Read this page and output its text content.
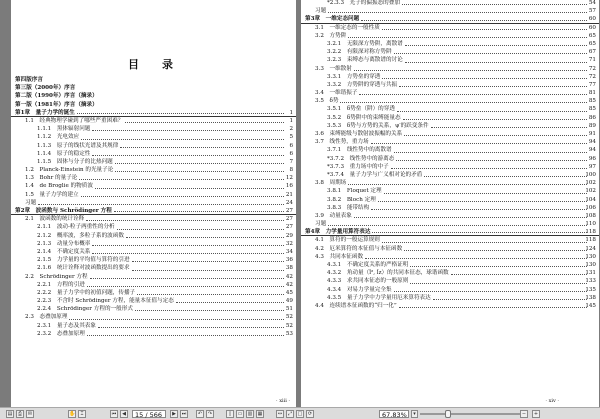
目　录
第四版序言
第三版（2000年）序言
第二版（1990年）序言（摘录）
第一版（1981年）序言（摘录）
第1章　量子力学的诞生	1
1.1　经典物理学碰到了哪些严重困难？	1
1.1.1　黑体辐射问题	2
1.1.2　光电效应	5
1.1.3　原子的线状光谱及其规律	6
1.1.4　原子的稳定性	6
1.1.5　固体与分子的比热问题	7
1.2　Planck-Einstein 的光量子论	8
1.3　Bohr 的量子论	12
1.4　de Broglie 的物质波	16
1.5　量子力学的建立	21
习题	24
第2章　波函数与 Schrödinger 方程	27
2.1　波函数的统计诠释	27
2.1.1　波动-粒子两重性的分析	27
2.1.2　概率波，多粒子系的波函数	29
2.1.3　动量分布概率	32
2.1.4　不确定度关系	34
2.1.5　力学量的平均值与算符的引进	36
2.1.6　统计诠释对波函数提出的要求	38
2.2　Schrödinger 方程	42
2.2.1　方程的引进	42
2.2.2　量子力学中的初值问题，传播子	45
2.2.3　不含时 Schrödinger 方程，能量本征值与定态	49
2.2.4　Schrödinger 方程的一般形式	51
2.3　态叠加原理	52
2.3.1　量子态及其表象	52
2.3.2　态叠加原理	53
· xiii ·
*2.3.3　光子的偏振态的叠加	54
习题	57
第3章　一维定态问题	60
3.1　一维定态的一般性质	60
3.2　方势阱	65
3.2.1　无限深方势阱，离散谱	65
3.2.2　有限深对称方势阱	67
3.2.3　束缚态与离散谱的讨论	71
3.3　一维散射	72
3.3.1　方势垒的穿透	72
3.3.2　方势阱的穿透与共振	77
3.4　一维谐振子	81
3.5　δ势	85
3.5.1　δ势垒（阱）的穿透	85
3.5.2　δ势阱中的束缚能量态	86
3.5.3　δ势与方势的关系，ψ′的跃变条件	89
3.6　束缚能级与散射波振幅的关系	91
3.7　线性势，重力场	94
3.7.1　线性势中的离散谱	94
*3.7.2　线性势中的游离态	96
*3.7.3　重力场中的中子	97
*3.7.4　量子力学与广义相对论的矛盾	100
3.8　周期场	102
3.8.1　Floquet 定理	102
3.8.2　Bloch 定理	104
3.8.3　能带结构	106
3.9　动量表象	108
习题	110
第4章　力学量用算符表达	118
4.1　算符的一般运算规则	118
4.2　厄米算符的本征值与本征函数	124
4.3　共同本征函数	130
4.3.1　不确定度关系的严格证明	130
4.3.2　角动量（l̂², l̂z）的共同本征态，球谐函数	131
4.3.3　求共同本征态的一般原则	133
4.3.4　对易力学量完全集	135
4.3.5　量子力学中力学量用厄米算符表达	138
4.4　连续谱本征函数的“归一化”	145
· xiv ·
▤	⎙	✉	✋	⌶	⏮	◀	15 / 566	▶	⏭	↶	↷	▯	▭	▥	▦	↔	⤢	□	⟳	67.83%	▾	−	+
